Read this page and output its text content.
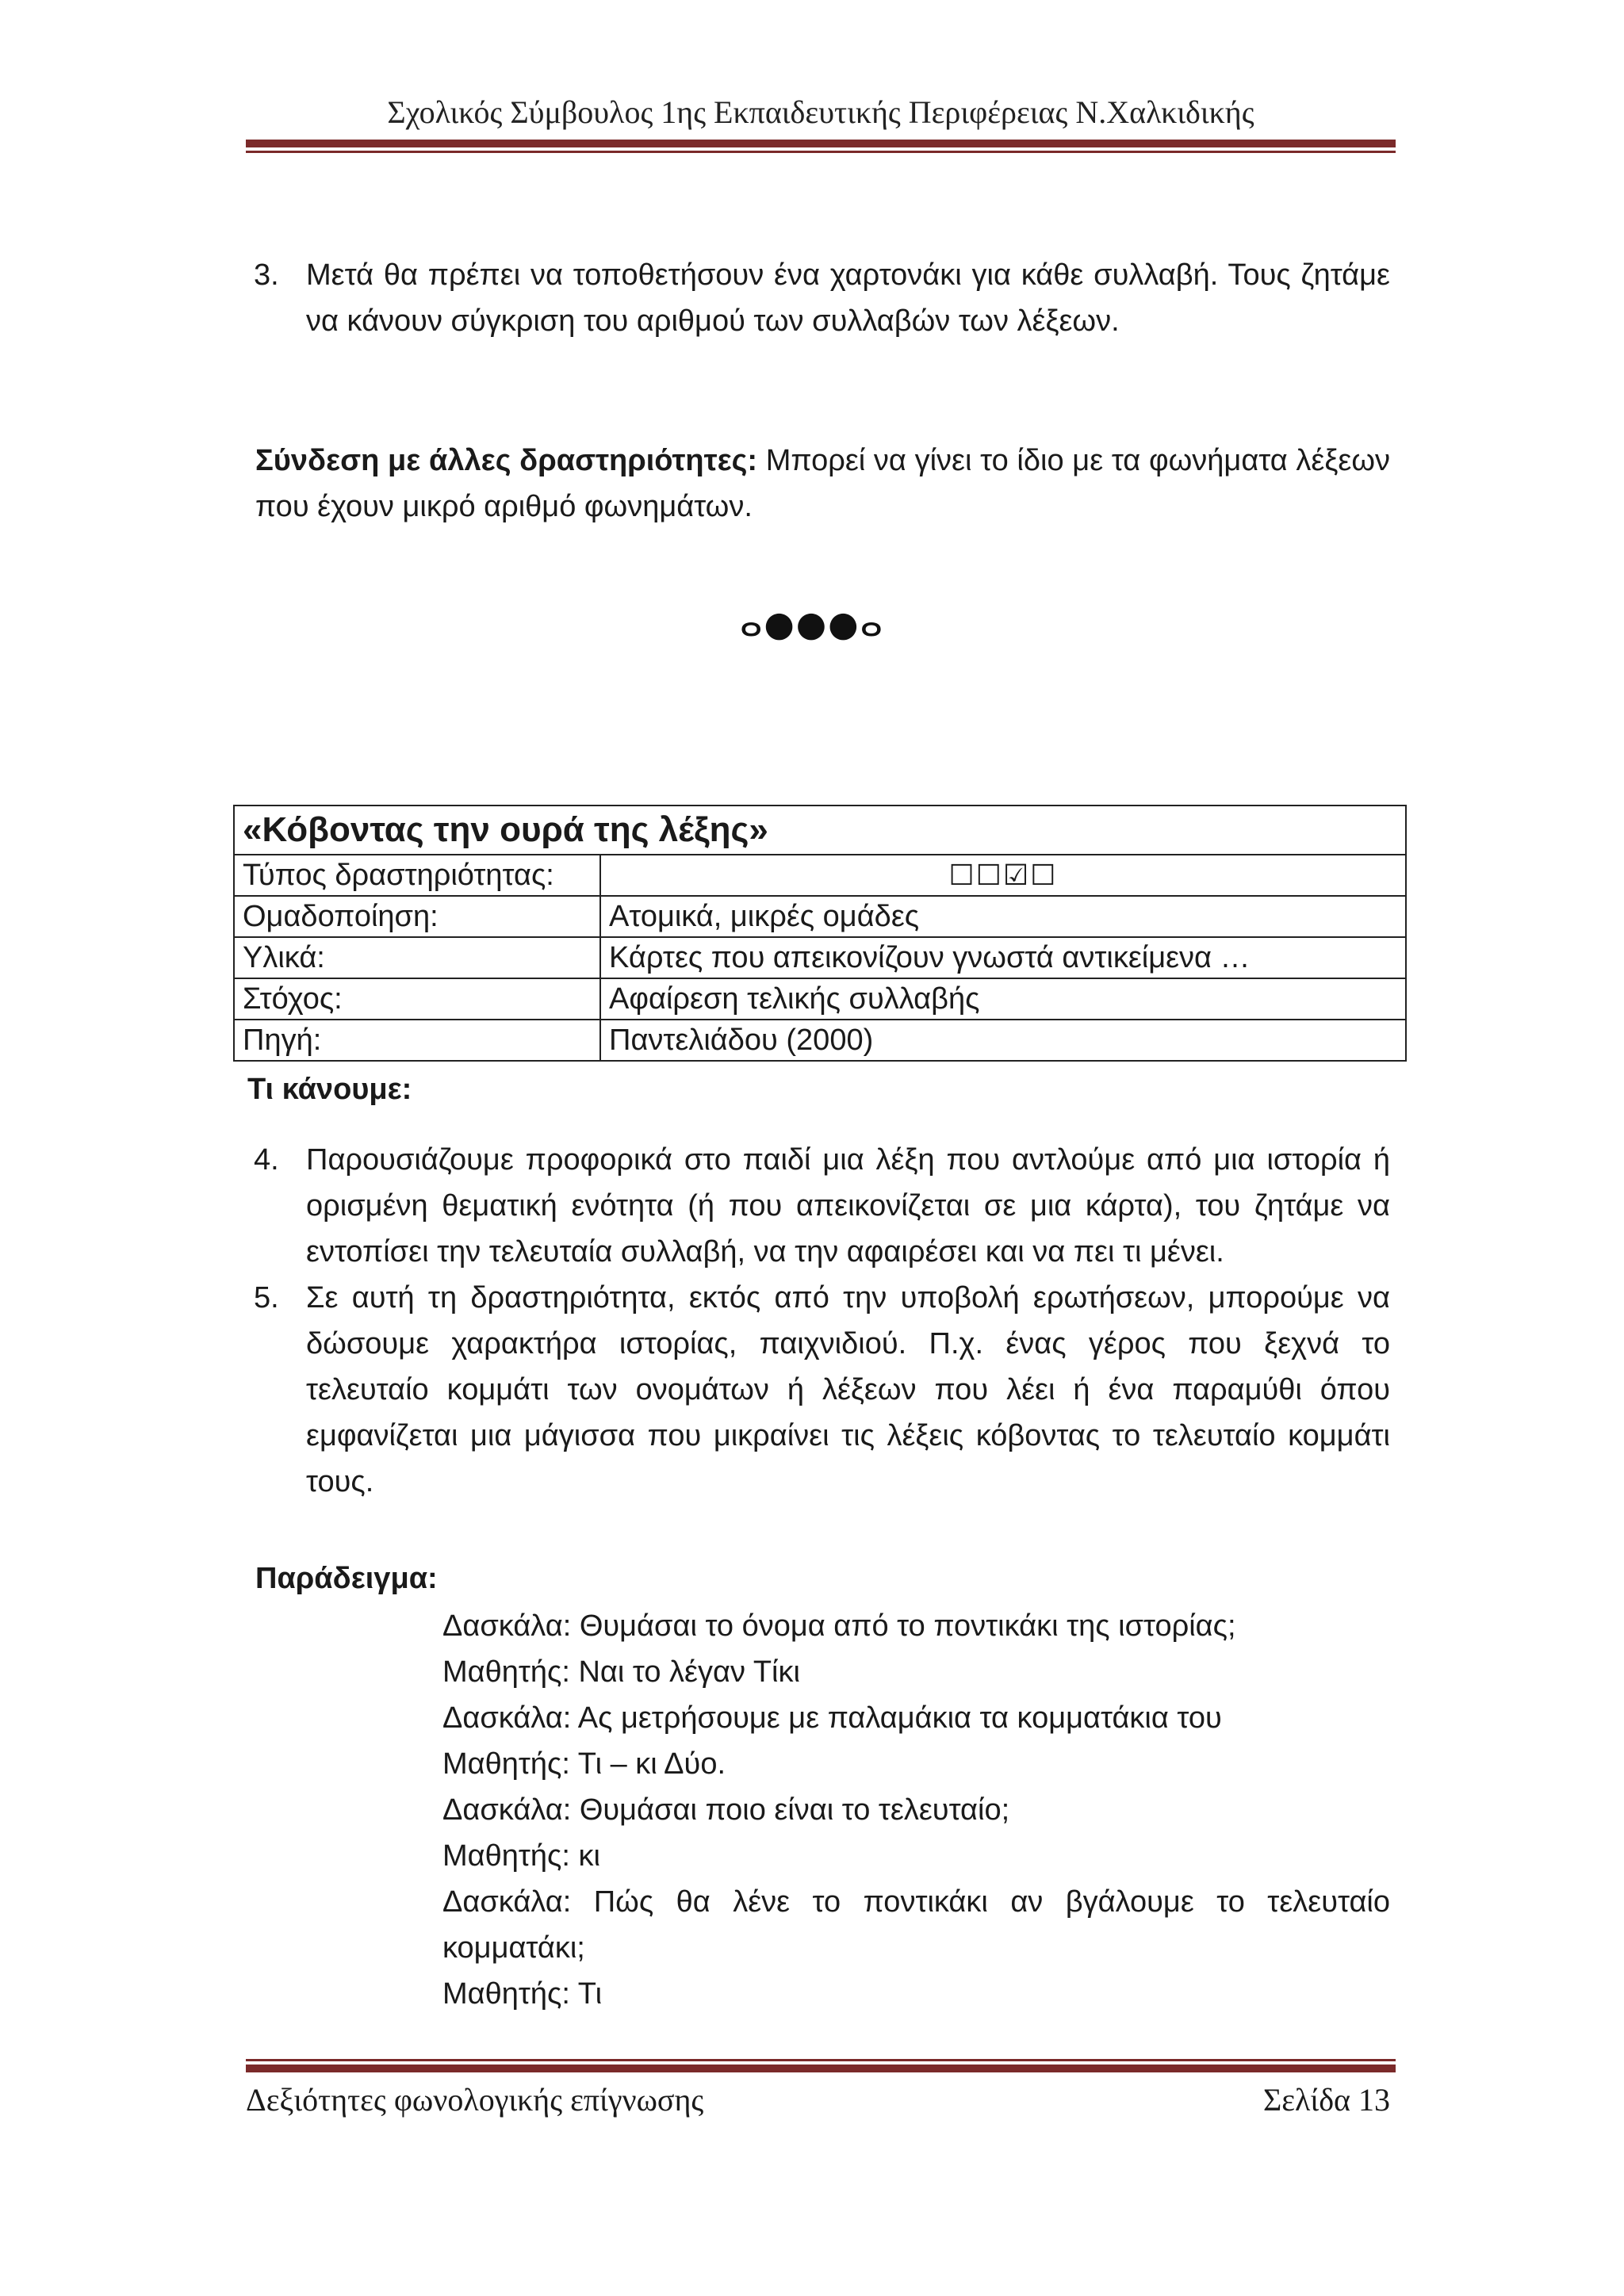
Σχολικός Σύμβουλος 1ης Εκπαιδευτικής Περιφέρειας Ν.Χαλκιδικής
3. Μετά θα πρέπει να τοποθετήσουν ένα χαρτονάκι για κάθε συλλαβή. Τους ζητάμε να κάνουν σύγκριση του αριθμού των συλλαβών των λέξεων.
Σύνδεση με άλλες δραστηριότητες: Μπορεί να γίνει το ίδιο με τα φωνήματα λέξεων που έχουν μικρό αριθμό φωνημάτων.
ⴰ●●●ⴰ
«Κόβοντας την ουρά της λέξης»	
Τύπος δραστηριότητας:	☐☐☑☐
Ομαδοποίηση:	Ατομικά, μικρές ομάδες
Υλικά:	Κάρτες που απεικονίζουν γνωστά αντικείμενα …
Στόχος:	Αφαίρεση τελικής συλλαβής
Πηγή:	Παντελιάδου (2000)
Τι κάνουμε:
4. Παρουσιάζουμε προφορικά στο παιδί μια λέξη που αντλούμε από μια ιστορία ή ορισμένη θεματική ενότητα (ή που απεικονίζεται σε μια κάρτα), του ζητάμε να εντοπίσει την τελευταία συλλαβή, να την αφαιρέσει και να πει τι μένει.
5. Σε αυτή τη δραστηριότητα, εκτός από την υποβολή ερωτήσεων, μπορούμε να δώσουμε χαρακτήρα ιστορίας, παιχνιδιού. Π.χ. ένας γέρος που ξεχνά το τελευταίο κομμάτι των ονομάτων ή λέξεων που λέει ή ένα παραμύθι όπου εμφανίζεται μια μάγισσα που μικραίνει τις λέξεις κόβοντας το τελευταίο κομμάτι τους.
Παράδειγμα:
Δασκάλα: Θυμάσαι το όνομα από το ποντικάκι της ιστορίας;
Μαθητής: Ναι το λέγαν Τίκι
Δασκάλα: Ας μετρήσουμε με παλαμάκια τα κομματάκια του
Μαθητής: Τι – κι Δύο.
Δασκάλα: Θυμάσαι ποιο είναι το τελευταίο;
Μαθητής: κι
Δασκάλα: Πώς θα λένε το ποντικάκι αν βγάλουμε το τελευταίο κομματάκι;
Μαθητής: Τι
Δεξιότητες φωνολογικής επίγνωσης	Σελίδα 13
